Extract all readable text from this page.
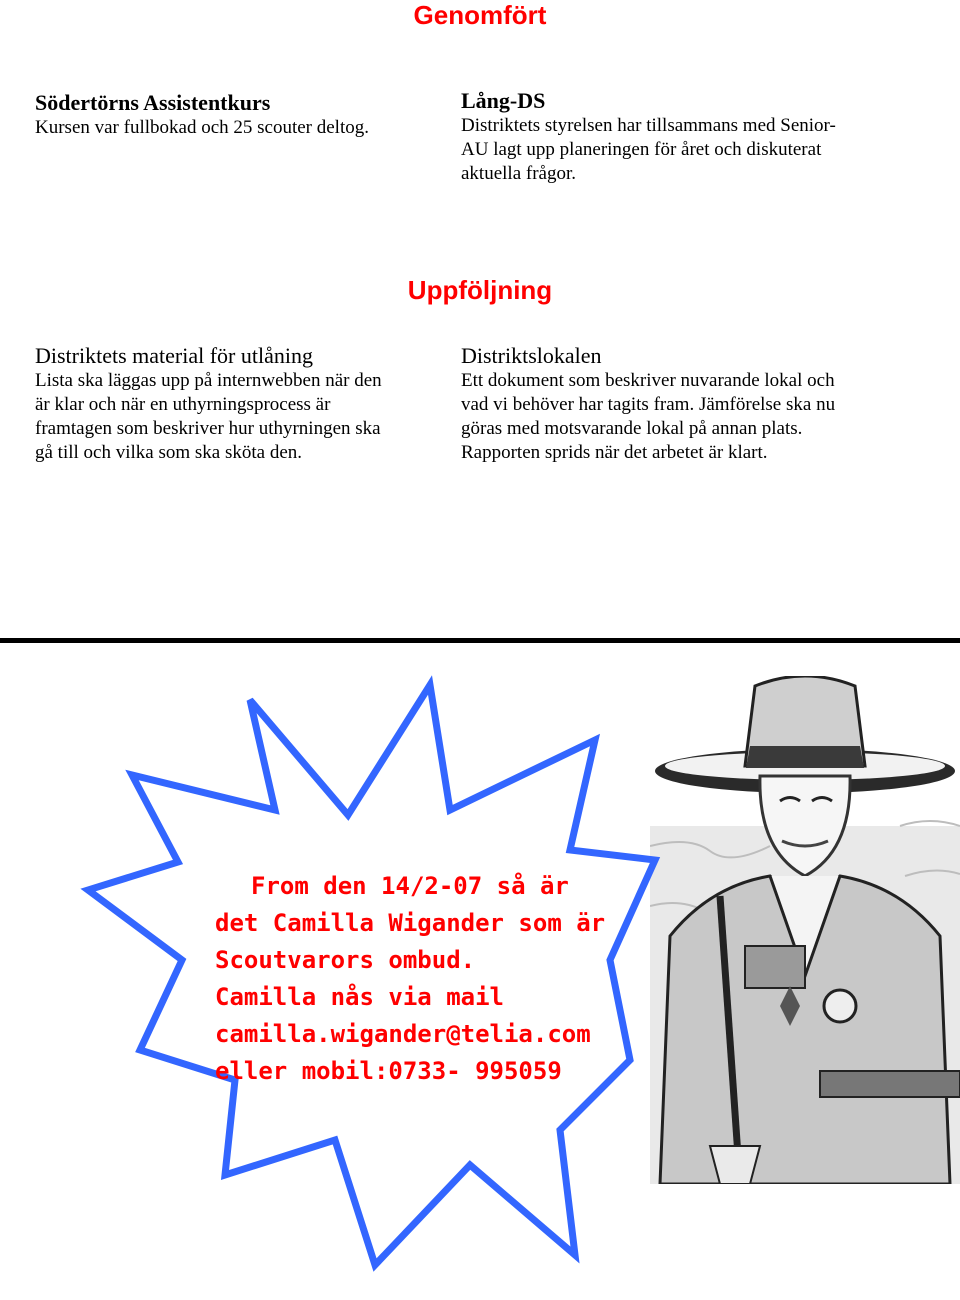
Genomfört
Södertörns Assistentkurs

Kursen var fullbokad och 25 scouter deltog.

Lång-DS

Distriktets styrelsen har tillsammans med Senior-
AU lagt upp planeringen för året och diskuterat
aktuella frågor.

Uppföljning
Distriktets material för utlåning

Lista ska läggas upp på internwebben när den
är klar och när en uthyrningsprocess är
framtagen som beskriver hur uthyrningen ska
gå till och vilka som ska sköta den.

Distriktslokalen

Ett dokument som beskriver nuvarande lokal och
vad vi behöver har tagits fram. Jämförelse ska nu
göras med motsvarande lokal på annan plats.
Rapporten sprids när det arbetet är klart.

From den 14/2-07 så är
det Camilla Wigander som är
Scoutvarors ombud.
Camilla nås via mail
camilla.wigander@telia.com
eller mobil:0733- 995059
